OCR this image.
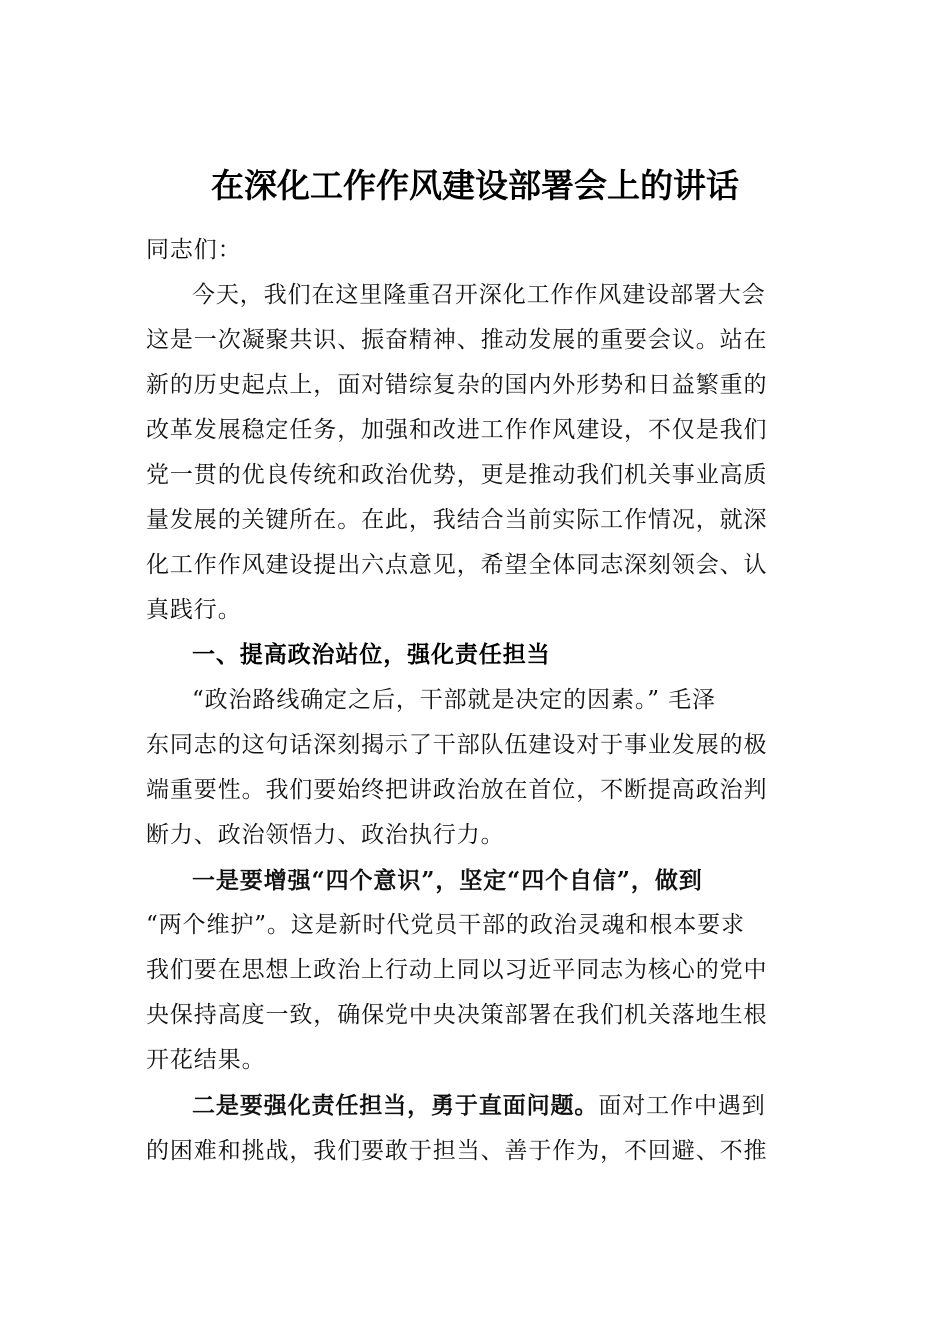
在深化工作作风建设部署会上的讲话

同志们：

今天，我们在这里隆重召开深化工作作风建设部署大会
这是一次凝聚共识、振奋精神、推动发展的重要会议。站在
新的历史起点上，面对错综复杂的国内外形势和日益繁重的
改革发展稳定任务，加强和改进工作作风建设，不仅是我们
党一贯的优良传统和政治优势，更是推动我们机关事业高质
量发展的关键所在。在此，我结合当前实际工作情况，就深
化工作作风建设提出六点意见，希望全体同志深刻领会、认
真践行。

一、提高政治站位，强化责任担当

“政治路线确定之后，干部就是决定的因素。” 毛泽
东同志的这句话深刻揭示了干部队伍建设对于事业发展的极
端重要性。我们要始终把讲政治放在首位，不断提高政治判
断力、政治领悟力、政治执行力。

一是要增强“四个意识”，坚定“四个自信”，做到
“两个维护”。这是新时代党员干部的政治灵魂和根本要求
我们要在思想上政治上行动上同以习近平同志为核心的党中
央保持高度一致，确保党中央决策部署在我们机关落地生根
开花结果。

二是要强化责任担当，勇于直面问题。面对工作中遇到
的困难和挑战，我们要敢于担当、善于作为，不回避、不推
